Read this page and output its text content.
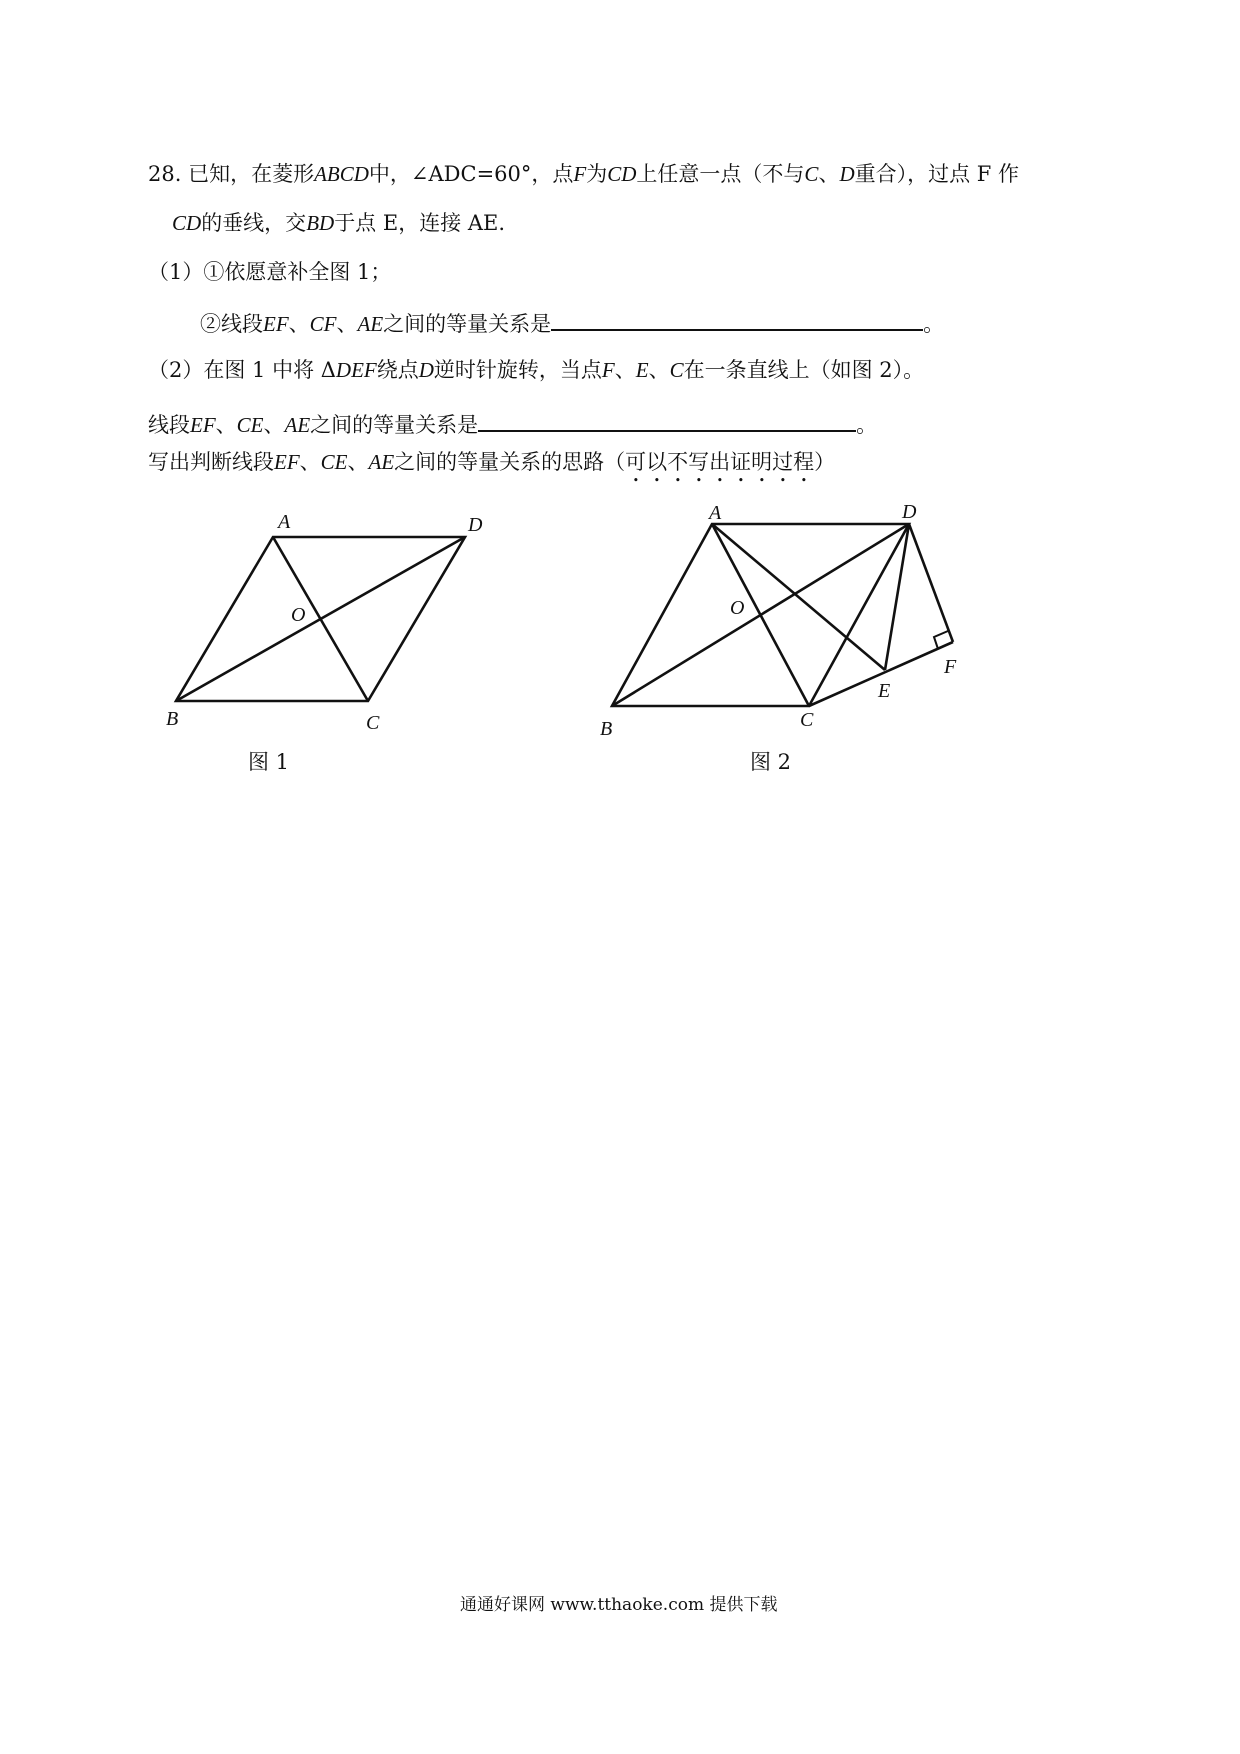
28. 已知，在菱形ABCD中，∠ADC=60°，点F为CD上任意一点（不与C、D重合），过点 F 作
CD的垂线，交BD于点 E，连接 AE.
（1）①依愿意补全图 1；
②线段EF、CF、AE之间的等量关系是	。
（2）在图 1 中将 ΔDEF绕点D逆时针旋转，当点F、E、C在一条直线上（如图 2）。
线段EF、CE、AE之间的等量关系是	。
写出判断线段EF、CE、AE之间的等量关系的思路（可以不写出证明过程）
A	D
O
B	C
图 1
A	D
O
B	C
E
F
图 2
通通好课网 www.tthaoke.com 提供下载
